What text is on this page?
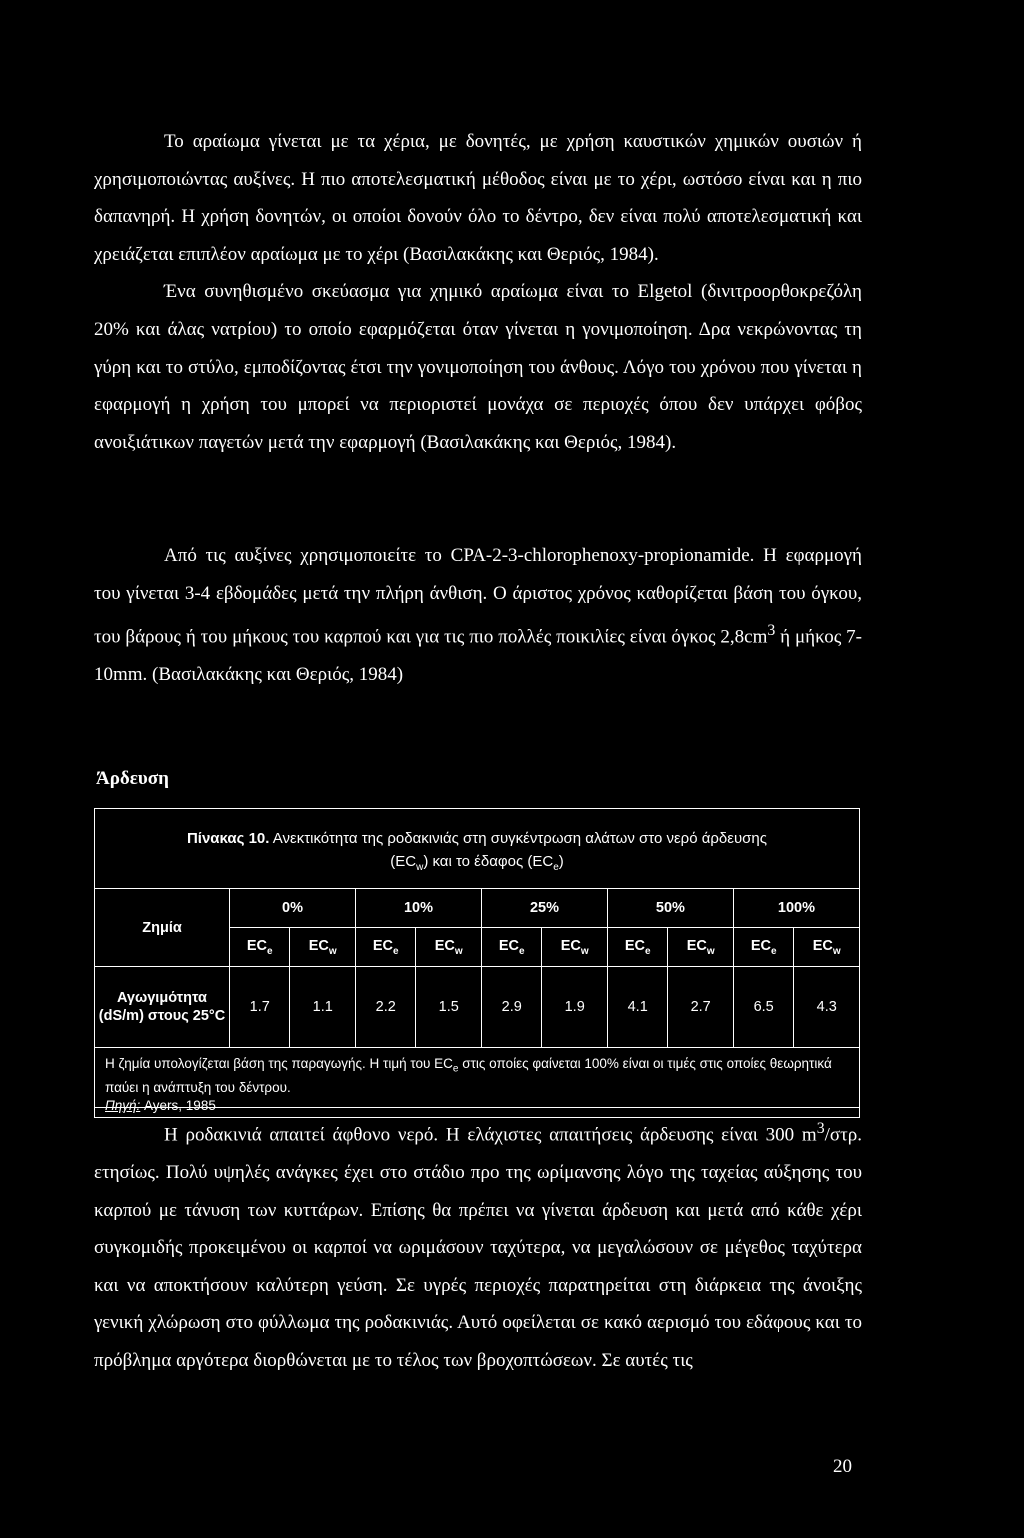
Το αραίωμα γίνεται με τα χέρια, με δονητές, με χρήση καυστικών χημικών ουσιών ή χρησιμοποιώντας αυξίνες. Η πιο αποτελεσματική μέθοδος είναι με το χέρι, ωστόσο είναι και η πιο δαπανηρή. Η χρήση δονητών, οι οποίοι δονούν όλο το δέντρο, δεν είναι πολύ αποτελεσματική και χρειάζεται επιπλέον αραίωμα με το χέρι (Βασιλακάκης και Θεριός, 1984).

Ένα συνηθισμένο σκεύασμα για χημικό αραίωμα είναι το Elgetol (δινιτροορθοκρεζόλη 20% και άλας νατρίου) το οποίο εφαρμόζεται όταν γίνεται η γονιμοποίηση. Δρα νεκρώνοντας τη γύρη και το στύλο, εμποδίζοντας έτσι την γονιμοποίηση του άνθους. Λόγο του χρόνου που γίνεται η εφαρμογή η χρήση του μπορεί να περιοριστεί μονάχα σε περιοχές όπου δεν υπάρχει φόβος ανοιξιάτικων παγετών μετά την εφαρμογή (Βασιλακάκης και Θεριός, 1984).

Από τις αυξίνες χρησιμοποιείτε το CPA-2-3-chlorophenoxy-propionamide. Η εφαρμογή του γίνεται 3-4 εβδομάδες μετά την πλήρη άνθιση. Ο άριστος χρόνος καθορίζεται βάση του όγκου, του βάρους ή του μήκους του καρπού και για τις πιο πολλές ποικιλίες είναι όγκος $2,8cm^3$ ή μήκος 7-10mm. (Βασιλακάκης και Θεριός, 1984)

Άρδευση
Πίνακας 10. Ανεκτικότητα της ροδακινιάς στη συγκέντρωση αλάτων στο νερό άρδευσης
$(EC_w)$ και το έδαφος $(EC_e)$
Ζημία	0%		10%		25%		50%		100%	
	$EC_e$	$EC_w$	$EC_e$	$EC_w$	$EC_e$	$EC_w$	$EC_e$	$EC_w$	$EC_e$	$EC_w$
Αγωγιμότητα (dS/m) στους 25°C	1.7	1.1	2.2	1.5	2.9	1.9	4.1	2.7	6.5	4.3
Η ζημία υπολογίζεται βάση της παραγωγής. Η τιμή του $EC_e$ στις οποίες φαίνεται 100% είναι οι τιμές στις οποίες θεωρητικά παύει η ανάπτυξη του δέντρου.
Πηγή: Ayers, 1985

Η ροδακινιά απαιτεί άφθονο νερό. Η ελάχιστες απαιτήσεις άρδευσης είναι 300 $m^3$/στρ. ετησίως. Πολύ υψηλές ανάγκες έχει στο στάδιο προ της ωρίμανσης λόγο της ταχείας αύξησης του καρπού με τάνυση των κυττάρων. Επίσης θα πρέπει να γίνεται άρδευση και μετά από κάθε χέρι συγκομιδής προκειμένου οι καρποί να ωριμάσουν ταχύτερα, να μεγαλώσουν σε μέγεθος ταχύτερα και να αποκτήσουν καλύτερη γεύση. Σε υγρές περιοχές παρατηρείται στη διάρκεια της άνοιξης γενική χλώρωση στο φύλλωμα της ροδακινιάς. Αυτό οφείλεται σε κακό αερισμό του εδάφους και το πρόβλημα αργότερα διορθώνεται με το τέλος των βροχοπτώσεων. Σε αυτές τις

20
